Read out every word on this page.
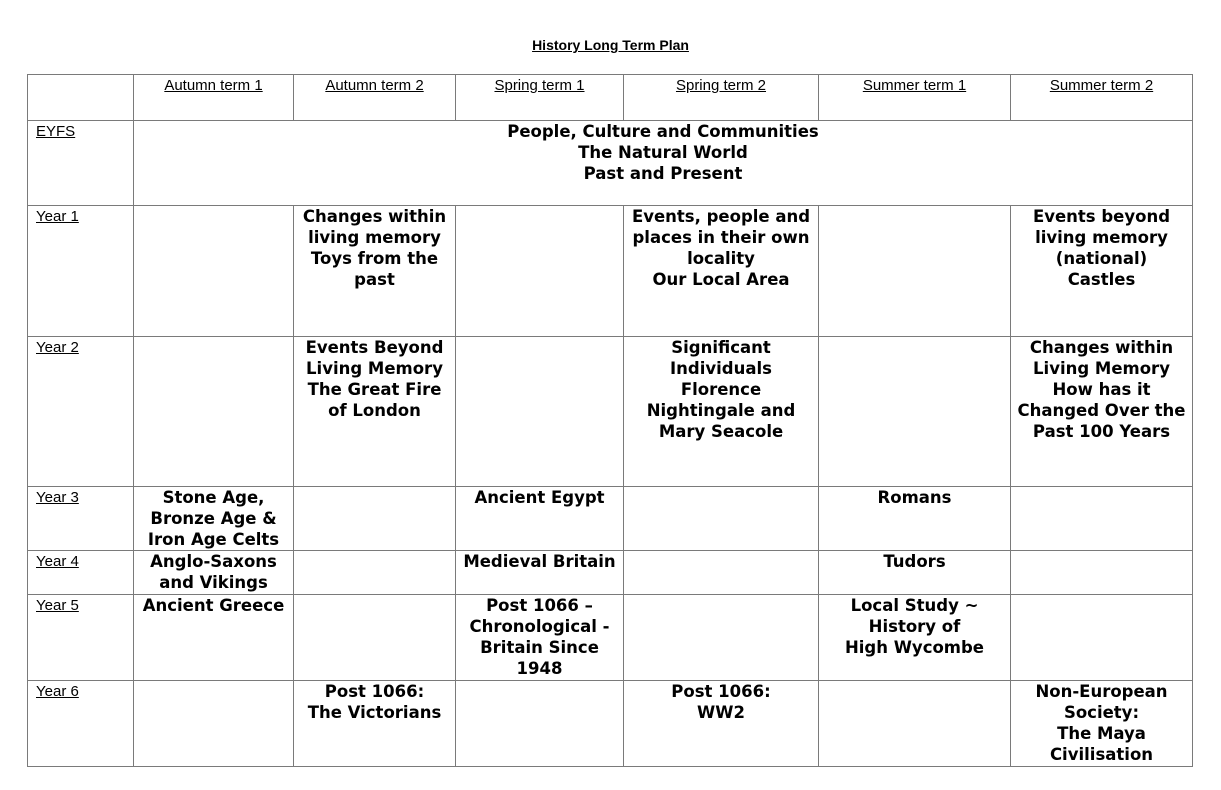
History Long Term Plan
	Autumn term 1	Autumn term 2	Spring term 1	Spring term 2	Summer term 1	Summer term 2
EYFS	People, Culture and Communities
The Natural World
Past and Present					

Year 1		Changes within
living memory
Toys from the
past		Events, people and
places in their own
locality
Our Local Area		Events beyond
living memory
(national)
Castles

Year 2		Events Beyond
Living Memory
The Great Fire
of London		Significant
Individuals
Florence
Nightingale and
Mary Seacole		Changes within
Living Memory
How has it
Changed Over the
Past 100 Years

Year 3	Stone Age,
Bronze Age &
Iron Age Celts		Ancient Egypt		Romans	

Year 4	Anglo-Saxons
and Vikings		Medieval Britain		Tudors	

Year 5	Ancient Greece		Post 1066 –
Chronological -
Britain Since
1948		Local Study ~
History of
High Wycombe	

Year 6		Post 1066:
The Victorians		Post 1066:
WW2		Non-European
Society:
The Maya
Civilisation
